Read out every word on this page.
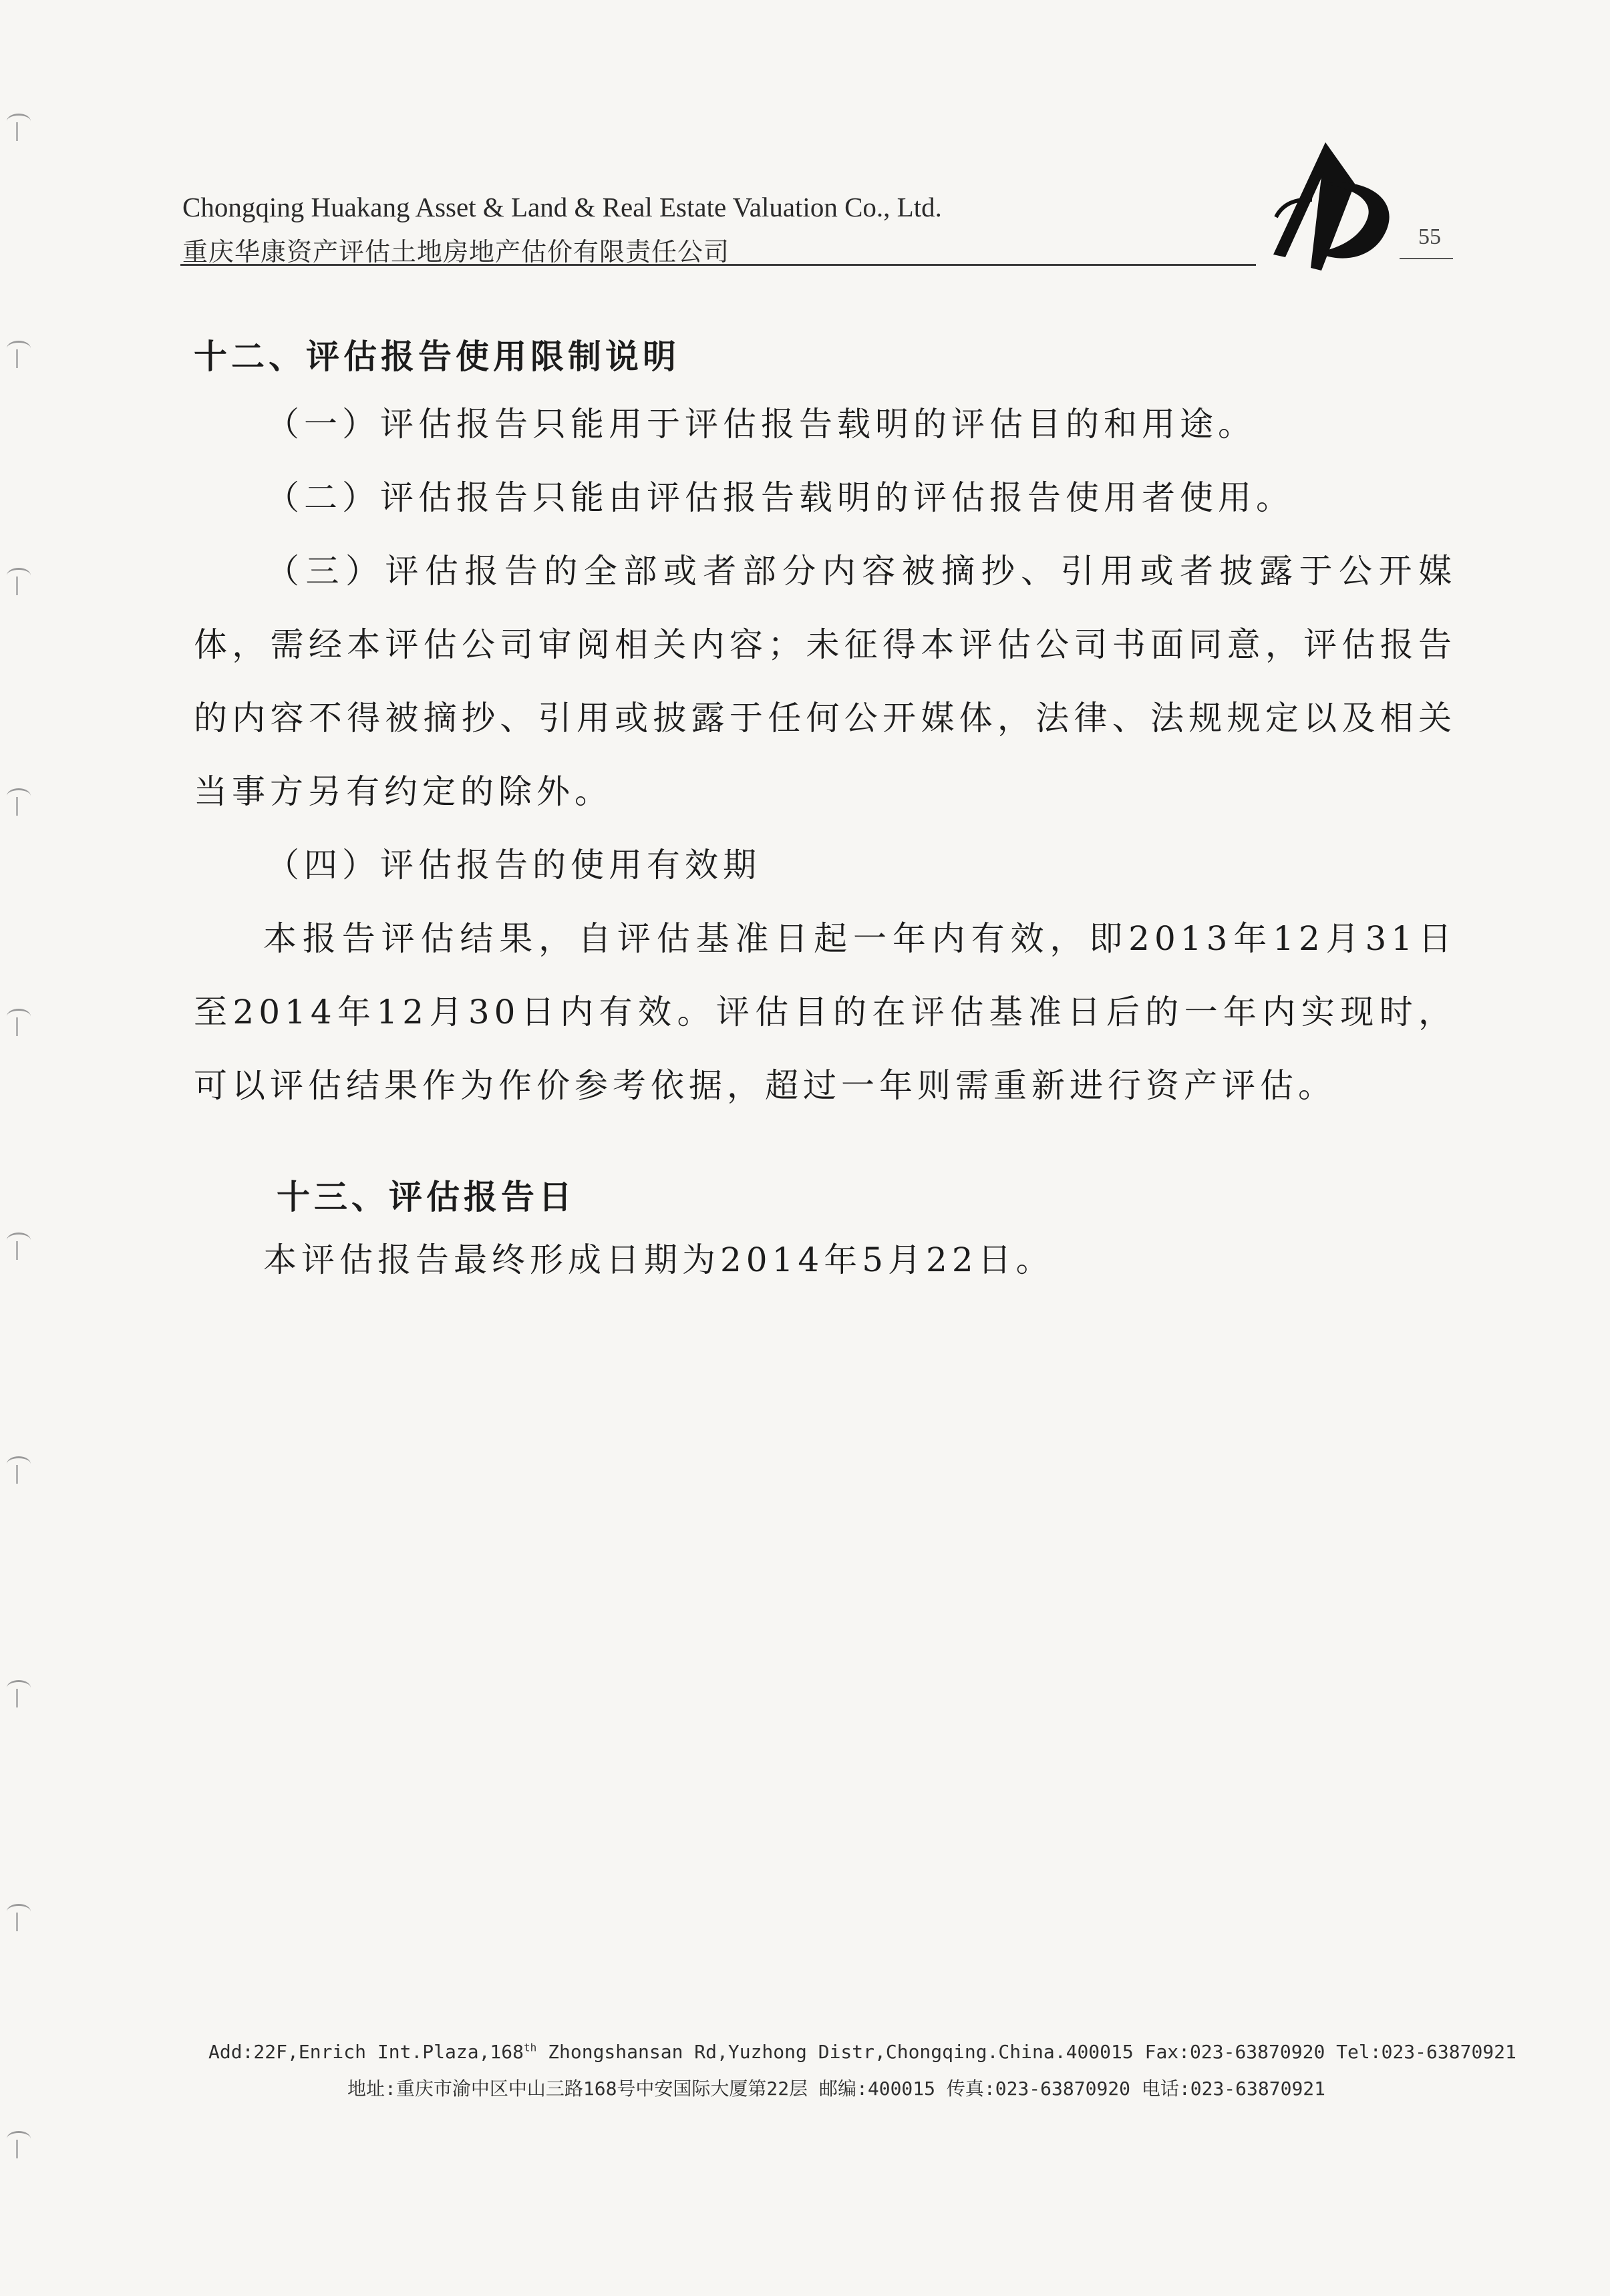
Chongqing Huakang Asset & Land & Real Estate Valuation Co., Ltd.
重庆华康资产评估土地房地产估价有限责任公司
55
十二、评估报告使用限制说明

（一）评估报告只能用于评估报告载明的评估目的和用途。

（二）评估报告只能由评估报告载明的评估报告使用者使用。

（三）评估报告的全部或者部分内容被摘抄、引用或者披露于公开媒体，需经本评估公司审阅相关内容；未征得本评估公司书面同意，评估报告的内容不得被摘抄、引用或披露于任何公开媒体，法律、法规规定以及相关当事方另有约定的除外。

（四）评估报告的使用有效期

本报告评估结果，自评估基准日起一年内有效，即2013年12月31日至2014年12月30日内有效。评估目的在评估基准日后的一年内实现时，可以评估结果作为作价参考依据，超过一年则需重新进行资产评估。

十三、评估报告日

本评估报告最终形成日期为2014年5月22日。

Add:22F,Enrich Int.Plaza,168th Zhongshansan Rd,Yuzhong Distr,Chongqing.China.400015 Fax:023-63870920 Tel:023-63870921
地址:重庆市渝中区中山三路168号中安国际大厦第22层 邮编:400015 传真:023-63870920 电话:023-63870921
